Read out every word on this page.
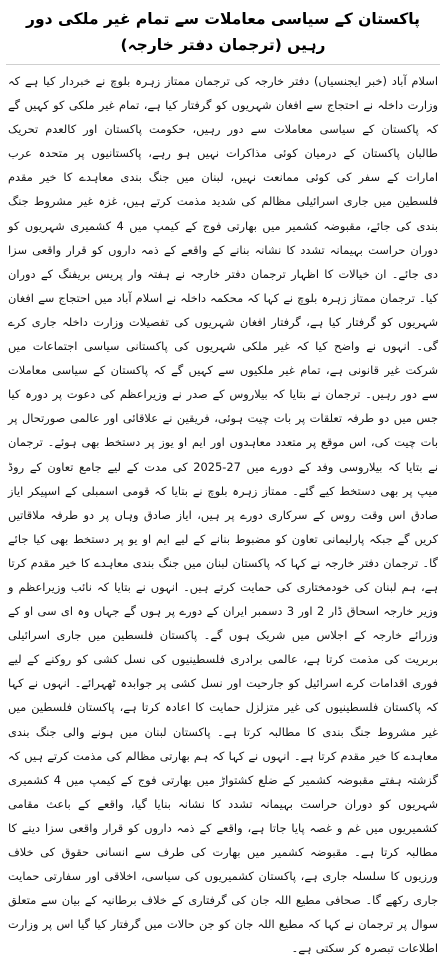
پاکستان کے سیاسی معاملات سے تمام غیر ملکی دور رہیں (ترجمان دفتر خارجہ)

اسلام آباد (خبر ایجنسیاں) دفتر خارجہ کی ترجمان ممتاز زہرہ بلوچ نے خبردار کیا ہے کہ وزارت داخلہ نے احتجاج سے افغان شہریوں کو گرفتار کیا ہے، تمام غیر ملکی کو کہیں گے کہ پاکستان کے سیاسی معاملات سے دور رہیں، حکومت پاکستان اور کالعدم تحریک طالبان پاکستان کے درمیان کوئی مذاکرات نہیں ہو رہے، پاکستانیوں پر متحدہ عرب امارات کے سفر کی کوئی ممانعت نہیں، لبنان میں جنگ بندی معاہدے کا خیر مقدم فلسطین میں جاری اسرائیلی مظالم کی شدید مذمت کرتے ہیں، غزہ غیر مشروط جنگ بندی کی جائے، مقبوضہ کشمیر میں بھارتی فوج کے کیمپ میں 4 کشمیری شہریوں کو دوران حراست بہیمانہ تشدد کا نشانہ بنانے کے واقعے کے ذمہ داروں کو قرار واقعی سزا دی جائے۔ ان خیالات کا اظہار ترجمان دفتر خارجہ نے ہفتہ وار پریس بریفنگ کے دوران کیا۔ ترجمان ممتاز زہرہ بلوچ نے کہا کہ محکمہ داخلہ نے اسلام آباد میں احتجاج سے افغان شہریوں کو گرفتار کیا ہے، گرفتار افغان شہریوں کی تفصیلات وزارت داخلہ جاری کرے گی۔ انہوں نے واضح کیا کہ غیر ملکی شہریوں کی پاکستانی سیاسی اجتماعات میں شرکت غیر قانونی ہے، تمام غیر ملکیوں سے کہیں گے کہ پاکستان کے سیاسی معاملات سے دور رہیں۔ ترجمان نے بتایا کہ بیلاروس کے صدر نے وزیراعظم کی دعوت پر دورہ کیا جس میں دو طرفہ تعلقات پر بات چیت ہوئی، فریقین نے علاقائی اور عالمی صورتحال پر بات چیت کی، اس موقع پر متعدد معاہدوں اور ایم او یوز پر دستخط بھی ہوئے۔ ترجمان نے بتایا کہ بیلاروسی وفد کے دورے میں 27-2025 کی مدت کے لیے جامع تعاون کے روڈ میپ پر بھی دستخط کیے گئے۔ ممتاز زہرہ بلوچ نے بتایا کہ قومی اسمبلی کے اسپیکر ایاز صادق اس وقت روس کے سرکاری دورے پر ہیں، ایاز صادق وہاں پر دو طرفہ ملاقاتیں کریں گے جبکہ پارلیمانی تعاون کو مضبوط بنانے کے لیے ایم او یو پر دستخط بھی کیا جائے گا۔ ترجمان دفتر خارجہ نے کہا کہ پاکستان لبنان میں جنگ بندی معاہدے کا خیر مقدم کرتا ہے، ہم لبنان کی خودمختاری کی حمایت کرتے ہیں۔ انہوں نے بتایا کہ نائب وزیراعظم و وزیر خارجہ اسحاق ڈار 2 اور 3 دسمبر ایران کے دورے پر ہوں گے جہاں وہ ای سی او کے وزرائے خارجہ کے اجلاس میں شریک ہوں گے۔ پاکستان فلسطین میں جاری اسرائیلی بربریت کی مذمت کرتا ہے، عالمی برادری فلسطینیوں کی نسل کشی کو روکنے کے لیے فوری اقدامات کرے اسرائیل کو جارحیت اور نسل کشی پر جوابدہ ٹھہرائے۔ انہوں نے کہا کہ پاکستان فلسطینیوں کی غیر متزلزل حمایت کا اعادہ کرتا ہے، پاکستان فلسطین میں غیر مشروط جنگ بندی کا مطالبہ کرتا ہے۔ پاکستان لبنان میں ہونے والی جنگ بندی معاہدے کا خیر مقدم کرتا ہے۔ انہوں نے کہا کہ ہم بھارتی مظالم کی مذمت کرتے ہیں کہ گزشتہ ہفتے مقبوضہ کشمیر کے ضلع کشتواڑ میں بھارتی فوج کے کیمپ میں 4 کشمیری شہریوں کو دوران حراست بہیمانہ تشدد کا نشانہ بنایا گیا، واقعے کے باعث مقامی کشمیریوں میں غم و غصہ پایا جاتا ہے، واقعے کے ذمہ داروں کو قرار واقعی سزا دینے کا مطالبہ کرتا ہے۔ مقبوضہ کشمیر میں بھارت کی طرف سے انسانی حقوق کی خلاف ورزیوں کا سلسلہ جاری ہے، پاکستان کشمیریوں کی سیاسی، اخلاقی اور سفارتی حمایت جاری رکھے گا۔ صحافی مطیع اللہ جان کی گرفتاری کے خلاف برطانیہ کے بیان سے متعلق سوال پر ترجمان نے کہا کہ مطیع اللہ جان کو جن حالات میں گرفتار کیا گیا اس پر وزارت اطلاعات تبصرہ کر سکتی ہے۔
